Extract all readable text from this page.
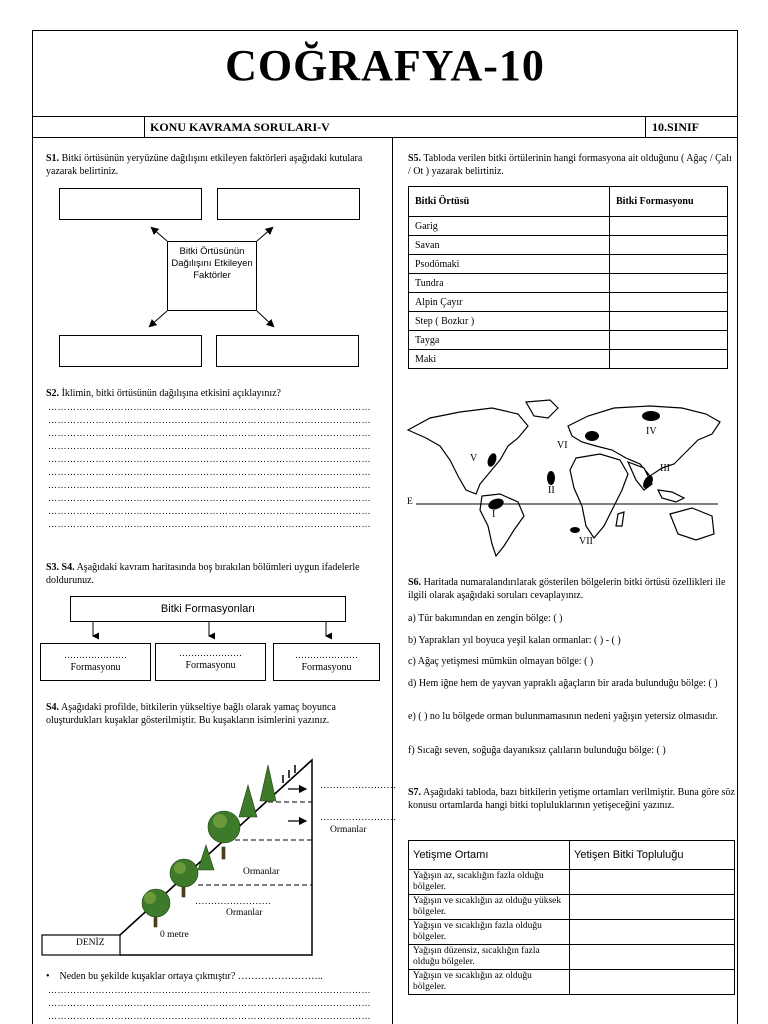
COĞRAFYA-10
KONU KAVRAMA SORULARI-V	10.SINIF
S1. Bitki örtüsünün yeryüzüne dağılışını etkileyen faktörleri aşağıdaki kutulara yazarak belirtiniz.
Bitki Örtüsünün Dağılışını Etkileyen Faktörler
S2. İklimin, bitki örtüsünün dağılışına etkisini açıklayınız?
…………………………………………………………………………………………
…………………………………………………………………………………………
…………………………………………………………………………………………
…………………………………………………………………………………………
…………………………………………………………………………………………
…………………………………………………………………………………………
…………………………………………………………………………………………
…………………………………………………………………………………………
…………………………………………………………………………………………
…………………………………………………………………………………………
S3. S4. Aşağıdaki kavram haritasında boş bırakılan bölümleri uygun ifadelerle doldurunuz.
Bitki Formasyonları
…………………
Formasyonu
…………………
Formasyonu
…………………
Formasyonu
S4. Aşağıdaki profilde, bitkilerin yükseltiye bağlı olarak yamaç boyunca oluşturdukları kuşaklar gösterilmiştir. Bu kuşakların isimlerini yazınız.
DENİZ
0 metre
……………………
Ormanlar
Ormanlar
……………………
……………………
Ormanlar
• Neden bu şekilde kuşaklar ortaya çıkmıştır? ……………………..
…………………………………………………………………………………………
…………………………………………………………………………………………
…………………………………………………………………………………………
S5. Tabloda verilen bitki örtülerinin hangi formasyona ait olduğunu ( Ağaç / Çalı / Ot ) yazarak belirtiniz.
Bitki Örtüsü	Bitki Formasyonu
Garig	
Savan	
Psodömaki	
Tundra	
Alpin Çayır	
Step ( Bozkır )	
Tayga	
Maki	
E
I
II
III
IV
V
VI
VII
S6. Haritada numaralandırılarak gösterilen bölgelerin bitki örtüsü özellikleri ile ilgili olarak aşağıdaki soruları cevaplayınız.
a) Tür bakımından en zengin bölge: ( )
b) Yaprakları yıl boyuca yeşil kalan ormanlar: ( ) - ( )
c) Ağaç yetişmesi mümkün olmayan bölge: ( )
d) Hem iğne hem de yayvan yapraklı ağaçların bir arada bulunduğu bölge: ( )
e) ( ) no lu bölgede orman bulunmamasının nedeni yağışın yetersiz olmasıdır.
f) Sıcağı seven, soğuğa dayanıksız çalıların bulunduğu bölge: ( )
S7. Aşağıdaki tabloda, bazı bitkilerin yetişme ortamları verilmiştir. Buna göre söz konusu ortamlarda hangi bitki topluluklarının yetişeceğini yazınız.
Yetişme Ortamı	Yetişen Bitki Topluluğu
Yağışın az, sıcaklığın fazla olduğu bölgeler.	
Yağışın ve sıcaklığın az olduğu yüksek bölgeler.	
Yağışın ve sıcaklığın fazla olduğu bölgeler.	
Yağışın düzensiz, sıcaklığın fazla olduğu bölgeler.	
Yağışın ve sıcaklığın az olduğu bölgeler.	
